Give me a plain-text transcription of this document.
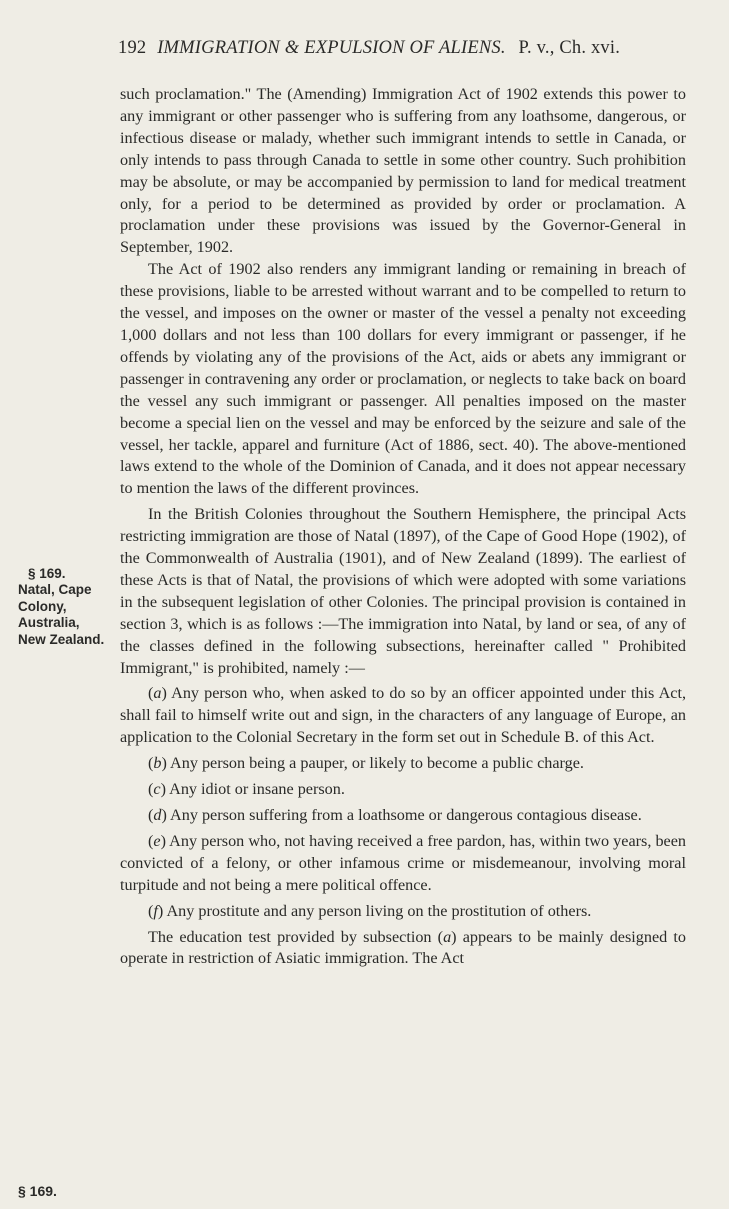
192 IMMIGRATION & EXPULSION OF ALIENS. P. v., Ch. xvi.

such proclamation." The (Amending) Immigration Act of 1902 extends this power to any immigrant or other passenger who is suffering from any loathsome, dangerous, or infectious disease or malady, whether such immigrant intends to settle in Canada, or only intends to pass through Canada to settle in some other country. Such prohibition may be absolute, or may be accompanied by permission to land for medical treatment only, for a period to be determined as provided by order or proclamation. A proclamation under these provisions was issued by the Governor-General in September, 1902.

The Act of 1902 also renders any immigrant landing or remaining in breach of these provisions, liable to be arrested without warrant and to be compelled to return to the vessel, and imposes on the owner or master of the vessel a penalty not exceeding 1,000 dollars and not less than 100 dollars for every immigrant or passenger, if he offends by violating any of the provisions of the Act, aids or abets any immigrant or passenger in contravening any order or proclamation, or neglects to take back on board the vessel any such immigrant or passenger. All penalties imposed on the master become a special lien on the vessel and may be enforced by the seizure and sale of the vessel, her tackle, apparel and furniture (Act of 1886, sect. 40). The above-mentioned laws extend to the whole of the Dominion of Canada, and it does not appear necessary to mention the laws of the different provinces.

In the British Colonies throughout the Southern Hemisphere, the principal Acts restricting immigration are those of Natal (1897), of the Cape of Good Hope (1902), of the Commonwealth of Australia (1901), and of New Zealand (1899). The earliest of these Acts is that of Natal, the provisions of which were adopted with some variations in the subsequent legislation of other Colonies. The principal provision is contained in section 3, which is as follows :—The immigration into Natal, by land or sea, of any of the classes defined in the following subsections, hereinafter called " Prohibited Immigrant," is prohibited, namely :—

(a) Any person who, when asked to do so by an officer appointed under this Act, shall fail to himself write out and sign, in the characters of any language of Europe, an application to the Colonial Secretary in the form set out in Schedule B. of this Act.

(b) Any person being a pauper, or likely to become a public charge.

(c) Any idiot or insane person.

(d) Any person suffering from a loathsome or dangerous contagious disease.

(e) Any person who, not having received a free pardon, has, within two years, been convicted of a felony, or other infamous crime or misdemeanour, involving moral turpitude and not being a mere political offence.

(f) Any prostitute and any person living on the prostitution of others.

The education test provided by subsection (a) appears to be mainly designed to operate in restriction of Asiatic immigration. The Act

§ 169.
Natal, Cape Colony, Australia, New Zealand.
§ 169.
